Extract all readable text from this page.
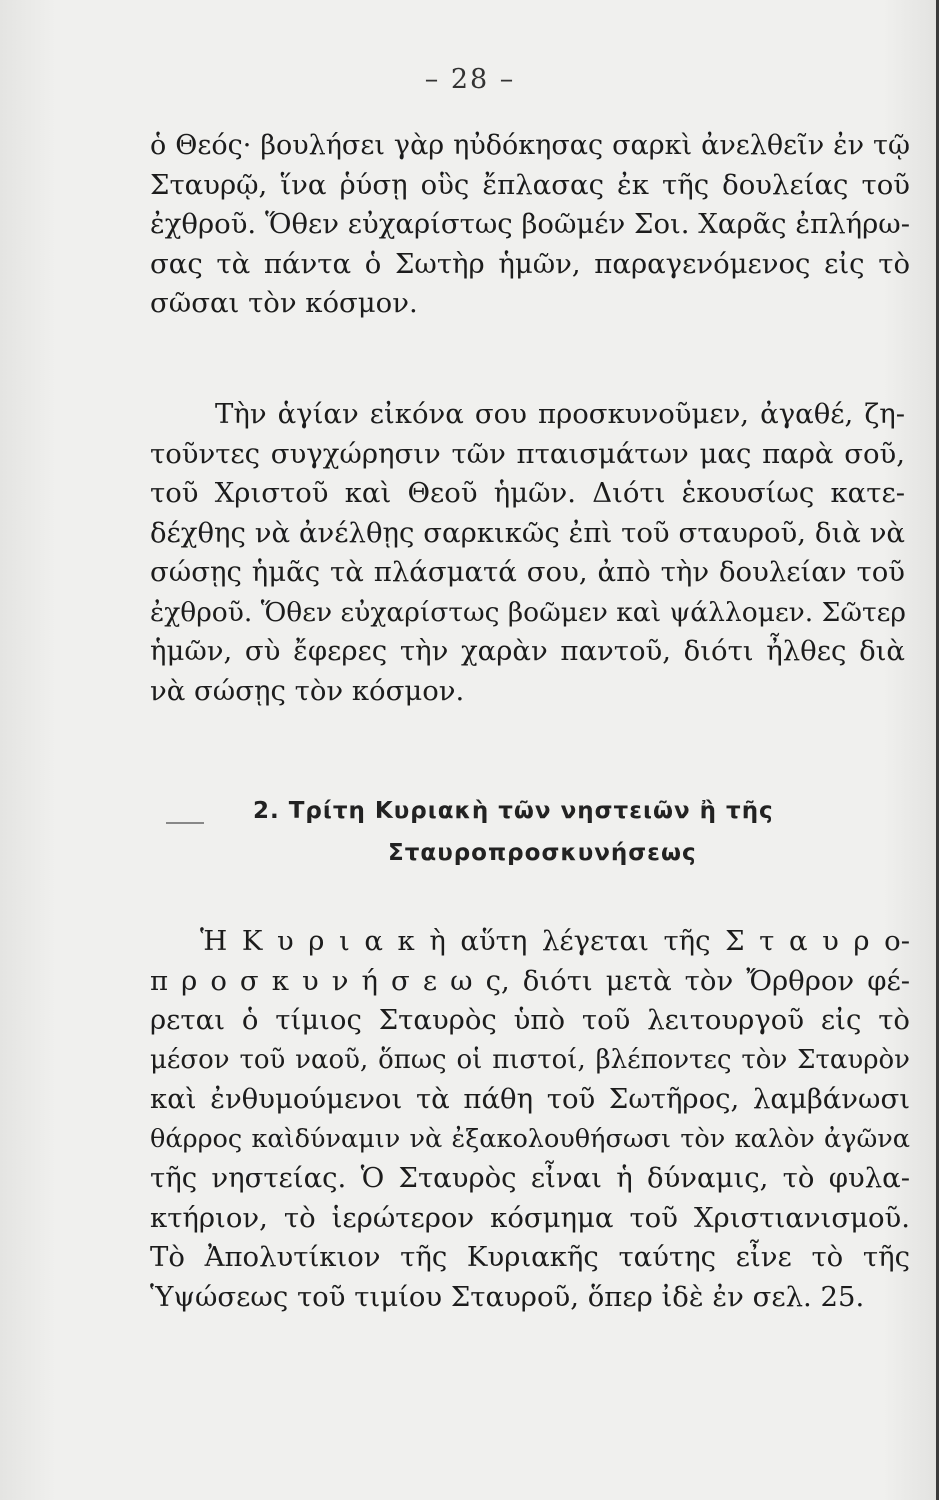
– 28 –
ὁ Θεός· βουλήσει γὰρ ηὐδόκησας σαρκὶ ἀνελθεῖν ἐν τῷ
Σταυρῷ, ἵνα ῥύσῃ οὓς ἔπλασας ἐκ τῆς δουλείας τοῦ
ἐχθροῦ. Ὅθεν εὐχαρίστως βοῶμέν Σοι. Χαρᾶς ἐπλήρω-
σας τὰ πάντα ὁ Σωτὴρ ἡμῶν, παραγενόμενος εἰς τὸ
σῶσαι τὸν κόσμον.
Τὴν ἁγίαν εἰκόνα σου προσκυνοῦμεν, ἀγαθέ, ζη-
τοῦντες συγχώρησιν τῶν πταισμάτων μας παρὰ σοῦ,
τοῦ Χριστοῦ καὶ Θεοῦ ἡμῶν. Διότι ἑκουσίως κατε-
δέχθης νὰ ἀνέλθῃς σαρκικῶς ἐπὶ τοῦ σταυροῦ, διὰ νὰ
σώσῃς ἡμᾶς τὰ πλάσματά σου, ἀπὸ τὴν δουλείαν τοῦ
ἐχθροῦ. Ὅθεν εὐχαρίστως βοῶμεν καὶ ψάλλομεν. Σῶτερ
ἡμῶν, σὺ ἔφερες τὴν χαρὰν παντοῦ, διότι ἦλθες διὰ
νὰ σώσῃς τὸν κόσμον.
2. Τρίτη Κυριακὴ τῶν νηστειῶν ἢ τῆς
Σταυροπροσκυνήσεως
Ἡ Κ υ ρ ι α κ ὴ αὕτη λέγεται τῆς Σ τ α υ ρ ο-
π ρ ο σ κ υ ν ή σ ε ω ς, διότι μετὰ τὸν Ὄρθρον φέ-
ρεται ὁ τίμιος Σταυρὸς ὑπὸ τοῦ λειτουργοῦ εἰς τὸ
μέσον τοῦ ναοῦ, ὅπως οἱ πιστοί, βλέποντες τὸν Σταυρὸν
καὶ ἐνθυμούμενοι τὰ πάθη τοῦ Σωτῆρος, λαμβάνωσι
θάρρος καὶδύναμιν νὰ ἐξακολουθήσωσι τὸν καλὸν ἀγῶνα
τῆς νηστείας. Ὁ Σταυρὸς εἶναι ἡ δύναμις, τὸ φυλα-
κτήριον, τὸ ἱερώτερον κόσμημα τοῦ Χριστιανισμοῦ.
Τὸ Ἀπολυτίκιον τῆς Κυριακῆς ταύτης εἶνε τὸ τῆς
Ὑψώσεως τοῦ τιμίου Σταυροῦ, ὅπερ ἰδὲ ἐν σελ. 25.
